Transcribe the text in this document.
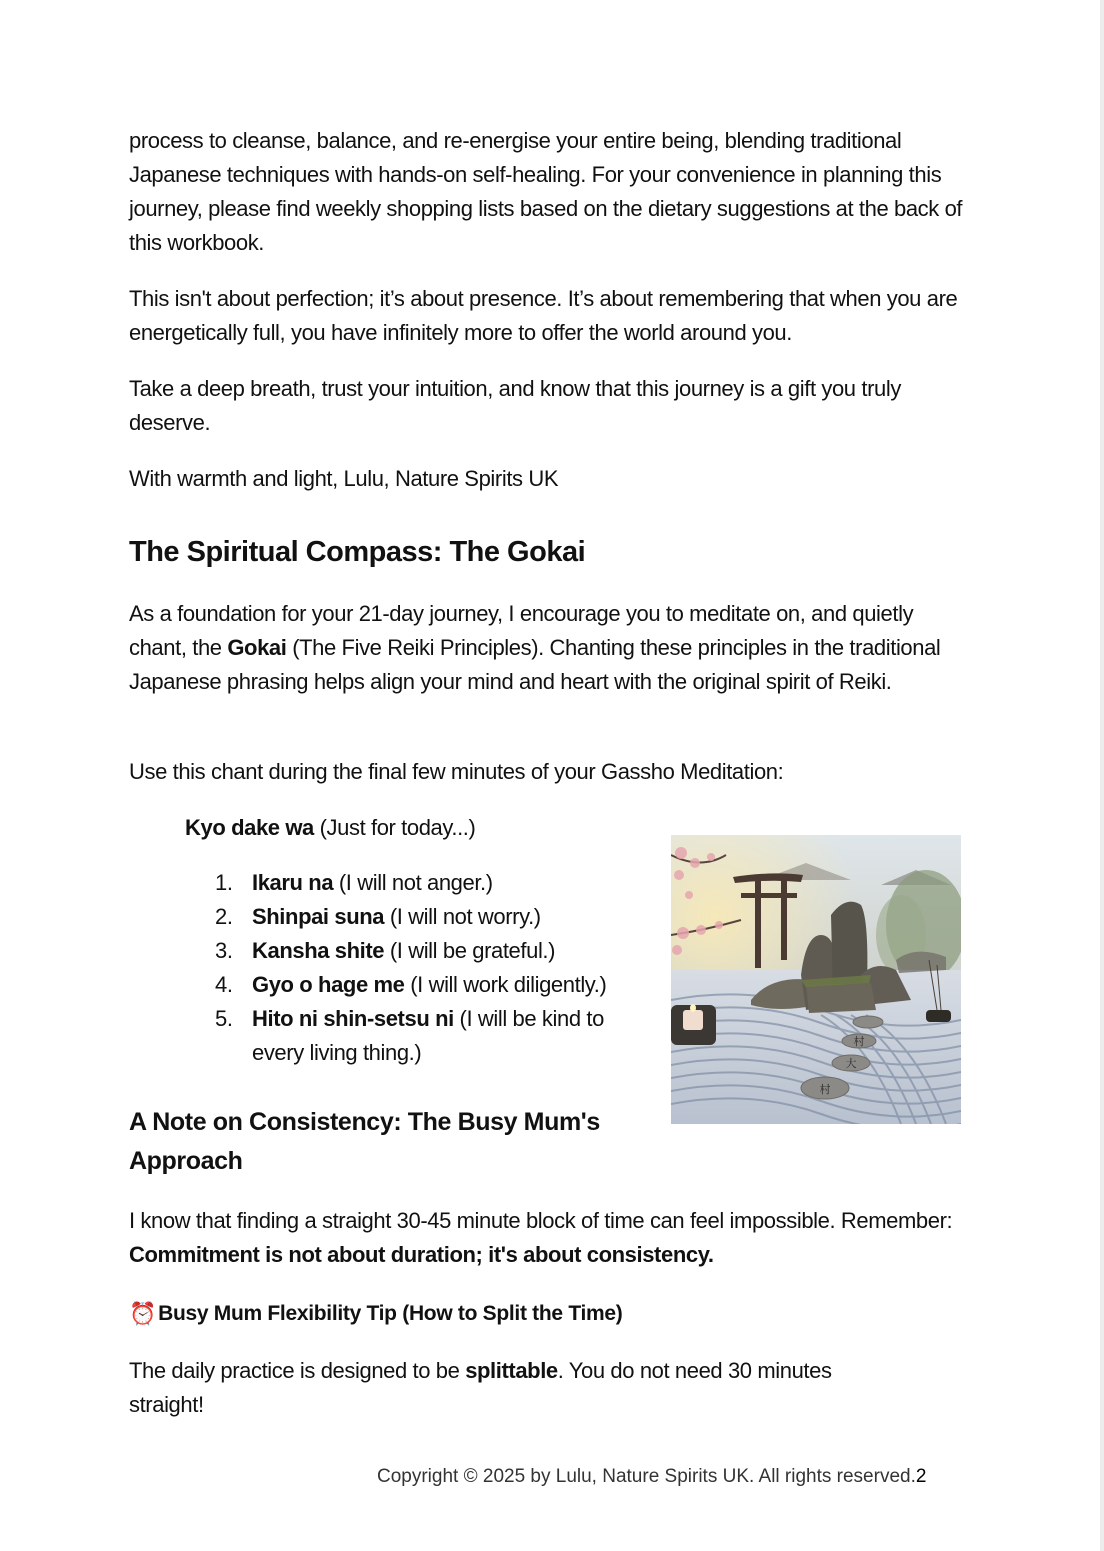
process to cleanse, balance, and re-energise your entire being, blending traditional Japanese techniques with hands-on self-healing. For your convenience in planning this journey, please find weekly shopping lists based on the dietary suggestions at the back of this workbook.

This isn't about perfection; it’s about presence. It’s about remembering that when you are energetically full, you have infinitely more to offer the world around you.

Take a deep breath, trust your intuition, and know that this journey is a gift you truly deserve.

With warmth and light, Lulu, Nature Spirits UK

The Spiritual Compass: The Gokai

As a foundation for your 21-day journey, I encourage you to meditate on, and quietly chant, the Gokai (The Five Reiki Principles). Chanting these principles in the traditional Japanese phrasing helps align your mind and heart with the original spirit of Reiki.

Use this chant during the final few minutes of your Gassho Meditation:

Kyo dake wa (Just for today...)
1. Ikaru na (I will not anger.)
2. Shinpai suna (I will not worry.)
3. Kansha shite (I will be grateful.)
4. Gyo o hage me (I will work diligently.)
5. Hito ni shin-setsu ni (I will be kind to every living thing.)	村
大
村
A Note on Consistency: The Busy Mum's Approach

I know that finding a straight 30-45 minute block of time can feel impossible. Remember: Commitment is not about duration; it's about consistency.

⏰ Busy Mum Flexibility Tip (How to Split the Time)

The daily practice is designed to be splittable. You do not need 30 minutes straight!

Copyright © 2025 by Lulu, Nature Spirits UK. All rights reserved.2
